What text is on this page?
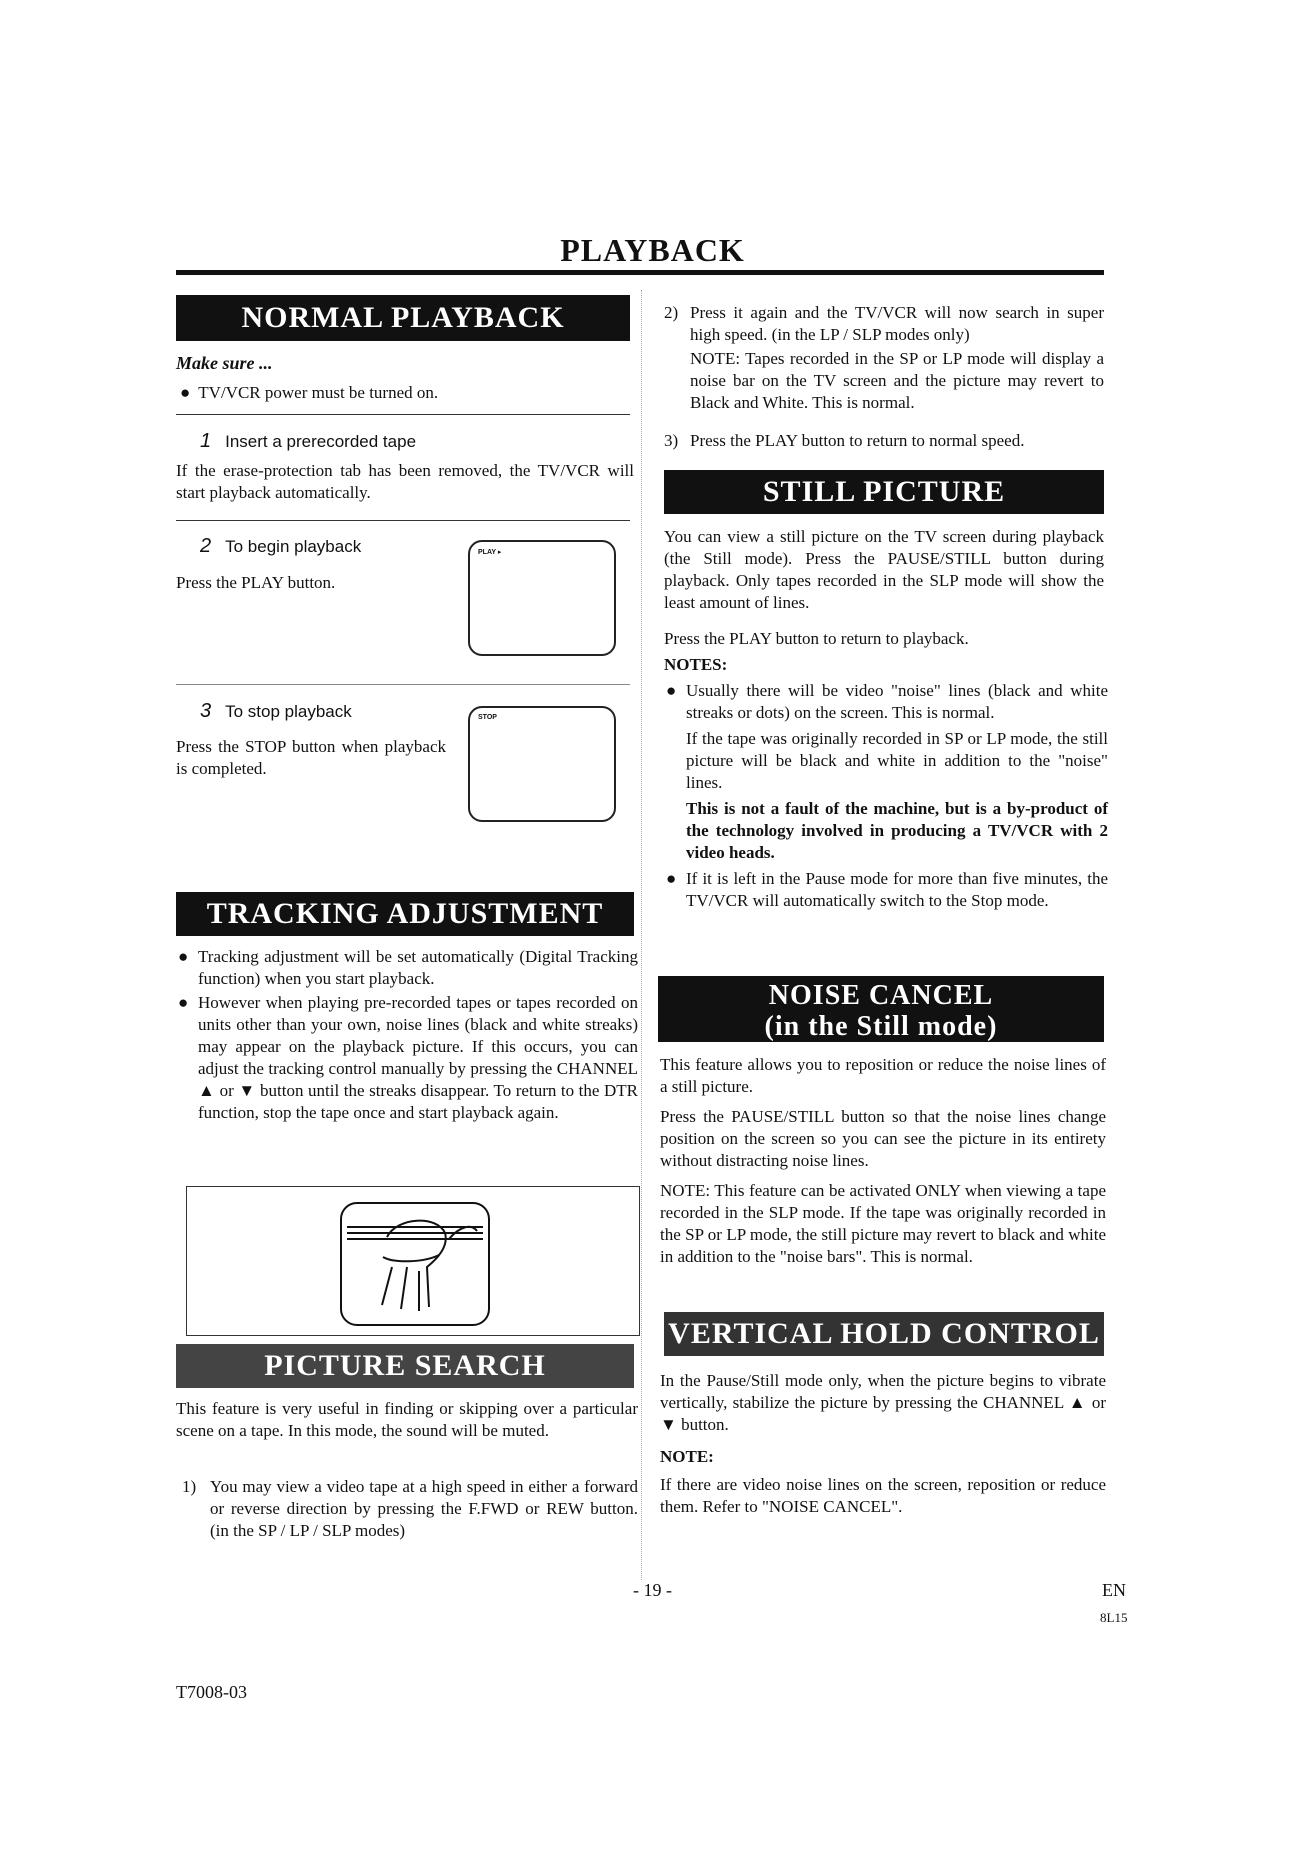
PLAYBACK
NORMAL PLAYBACK
Make sure ...
● TV/VCR power must be turned on.
1 Insert a prerecorded tape
If the erase-protection tab has been removed, the TV/VCR will start playback automatically.
2 To begin playback
Press the PLAY button.
PLAY ▸
3 To stop playback
Press the STOP button when playback is completed.
STOP
TRACKING ADJUSTMENT
● Tracking adjustment will be set automatically (Digital Tracking function) when you start playback.
● However when playing pre-recorded tapes or tapes recorded on units other than your own, noise lines (black and white streaks) may appear on the playback picture. If this occurs, you can adjust the tracking control manually by pressing the CHANNEL ▲ or ▼ button until the streaks disappear. To return to the DTR function, stop the tape once and start playback again.
PICTURE SEARCH
This feature is very useful in finding or skipping over a particular scene on a tape. In this mode, the sound will be muted.
1) You may view a video tape at a high speed in either a forward or reverse direction by pressing the F.FWD or REW button. (in the SP / LP / SLP modes)
2) Press it again and the TV/VCR will now search in super high speed. (in the LP / SLP modes only)
NOTE: Tapes recorded in the SP or LP mode will display a noise bar on the TV screen and the picture may revert to Black and White. This is normal.
3) Press the PLAY button to return to normal speed.
STILL PICTURE
You can view a still picture on the TV screen during playback (the Still mode). Press the PAUSE/STILL button during playback. Only tapes recorded in the SLP mode will show the least amount of lines.
Press the PLAY button to return to playback.
NOTES:
● Usually there will be video "noise" lines (black and white streaks or dots) on the screen. This is normal.
If the tape was originally recorded in SP or LP mode, the still picture will be black and white in addition to the "noise" lines.
This is not a fault of the machine, but is a by-product of the technology involved in producing a TV/VCR with 2 video heads.
● If it is left in the Pause mode for more than five minutes, the TV/VCR will automatically switch to the Stop mode.
NOISE CANCEL
(in the Still mode)
This feature allows you to reposition or reduce the noise lines of a still picture.
Press the PAUSE/STILL button so that the noise lines change position on the screen so you can see the picture in its entirety without distracting noise lines.
NOTE: This feature can be activated ONLY when viewing a tape recorded in the SLP mode. If the tape was originally recorded in the SP or LP mode, the still picture may revert to black and white in addition to the "noise bars". This is normal.
VERTICAL HOLD CONTROL
In the Pause/Still mode only, when the picture begins to vibrate vertically, stabilize the picture by pressing the CHANNEL ▲ or ▼ button.
NOTE:
If there are video noise lines on the screen, reposition or reduce them. Refer to "NOISE CANCEL".
- 19 -	EN
8L15
T7008-03
